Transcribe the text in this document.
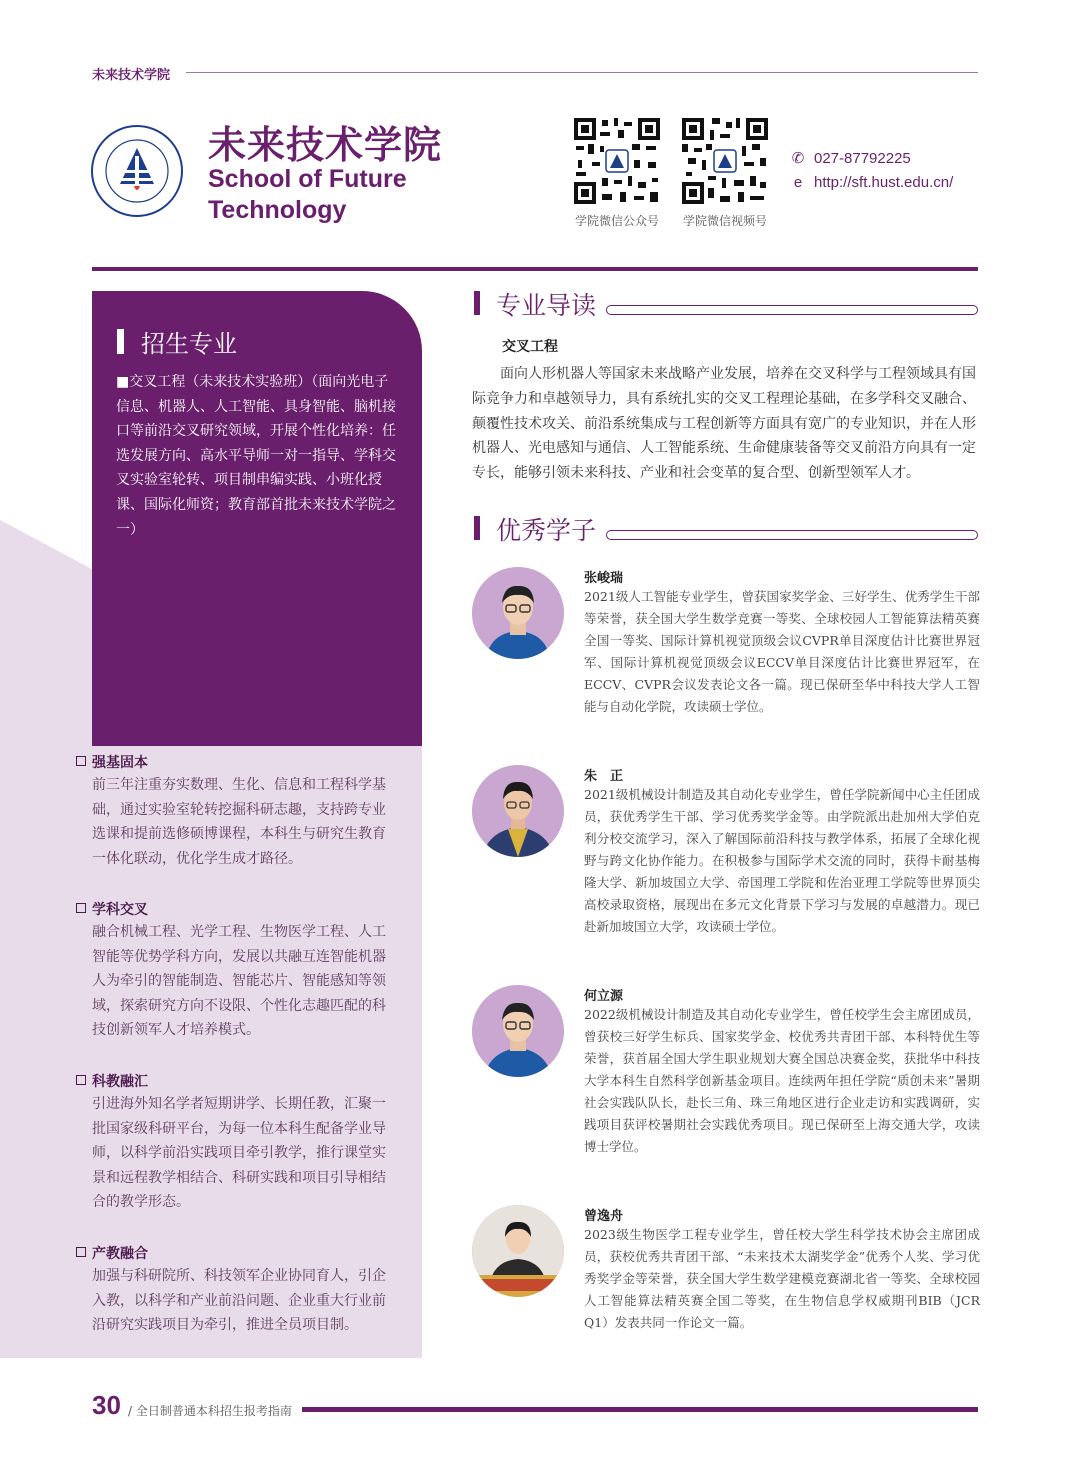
未来技术学院
未来技术学院
School of Future Technology	学院微信公众号	学院微信视频号
✆ 027-87792225
e http://sft.hust.edu.cn/
招生专业
■交叉工程（未来技术实验班）（面向光电子信息、机器人、人工智能、具身智能、脑机接口等前沿交叉研究领域，开展个性化培养：任选发展方向、高水平导师一对一指导、学科交叉实验室轮转、项目制串编实践、小班化授课、国际化师资；教育部首批未来技术学院之一）
强基固本
前三年注重夯实数理、生化、信息和工程科学基础，通过实验室轮转挖掘科研志趣，支持跨专业选课和提前选修硕博课程，本科生与研究生教育一体化联动，优化学生成才路径。
学科交叉
融合机械工程、光学工程、生物医学工程、人工智能等优势学科方向，发展以共融互连智能机器人为牵引的智能制造、智能芯片、智能感知等领域，探索研究方向不设限、个性化志趣匹配的科技创新领军人才培养模式。
科教融汇
引进海外知名学者短期讲学、长期任教，汇聚一批国家级科研平台，为每一位本科生配备学业导师，以科学前沿实践项目牵引教学，推行课堂实景和远程教学相结合、科研实践和项目引导相结合的教学形态。
产教融合
加强与科研院所、科技领军企业协同育人，引企入教，以科学和产业前沿问题、企业重大行业前沿研究实践项目为牵引，推进全员项目制。
专业导读
交叉工程
面向人形机器人等国家未来战略产业发展，培养在交叉科学与工程领域具有国际竞争力和卓越领导力，具有系统扎实的交叉工程理论基础，在多学科交叉融合、颠覆性技术攻关、前沿系统集成与工程创新等方面具有宽广的专业知识，并在人形机器人、光电感知与通信、人工智能系统、生命健康装备等交叉前沿方向具有一定专长，能够引领未来科技、产业和社会变革的复合型、创新型领军人才。
优秀学子
张峻瑞
2021级人工智能专业学生，曾获国家奖学金、三好学生、优秀学生干部等荣誉，获全国大学生数学竞赛一等奖、全球校园人工智能算法精英赛全国一等奖、国际计算机视觉顶级会议CVPR单目深度估计比赛世界冠军、国际计算机视觉顶级会议ECCV单目深度估计比赛世界冠军，在ECCV、CVPR会议发表论文各一篇。现已保研至华中科技大学人工智能与自动化学院，攻读硕士学位。
朱　正
2021级机械设计制造及其自动化专业学生，曾任学院新闻中心主任团成员，获优秀学生干部、学习优秀奖学金等。由学院派出赴加州大学伯克利分校交流学习，深入了解国际前沿科技与教学体系，拓展了全球化视野与跨文化协作能力。在积极参与国际学术交流的同时，获得卡耐基梅隆大学、新加坡国立大学、帝国理工学院和佐治亚理工学院等世界顶尖高校录取资格，展现出在多元文化背景下学习与发展的卓越潜力。现已赴新加坡国立大学，攻读硕士学位。
何立源
2022级机械设计制造及其自动化专业学生，曾任校学生会主席团成员，曾获校三好学生标兵、国家奖学金、校优秀共青团干部、本科特优生等荣誉，获首届全国大学生职业规划大赛全国总决赛金奖，获批华中科技大学本科生自然科学创新基金项目。连续两年担任学院“质创未来”暑期社会实践队队长，赴长三角、珠三角地区进行企业走访和实践调研，实践项目获评校暑期社会实践优秀项目。现已保研至上海交通大学，攻读博士学位。
曾逸舟
2023级生物医学工程专业学生，曾任校大学生科学技术协会主席团成员，获校优秀共青团干部、“未来技术太湖奖学金”优秀个人奖、学习优秀奖学金等荣誉，获全国大学生数学建模竞赛湖北省一等奖、全球校园人工智能算法精英赛全国二等奖，在生物信息学权威期刊BIB（JCR Q1）发表共同一作论文一篇。
30 / 全日制普通本科招生报考指南
